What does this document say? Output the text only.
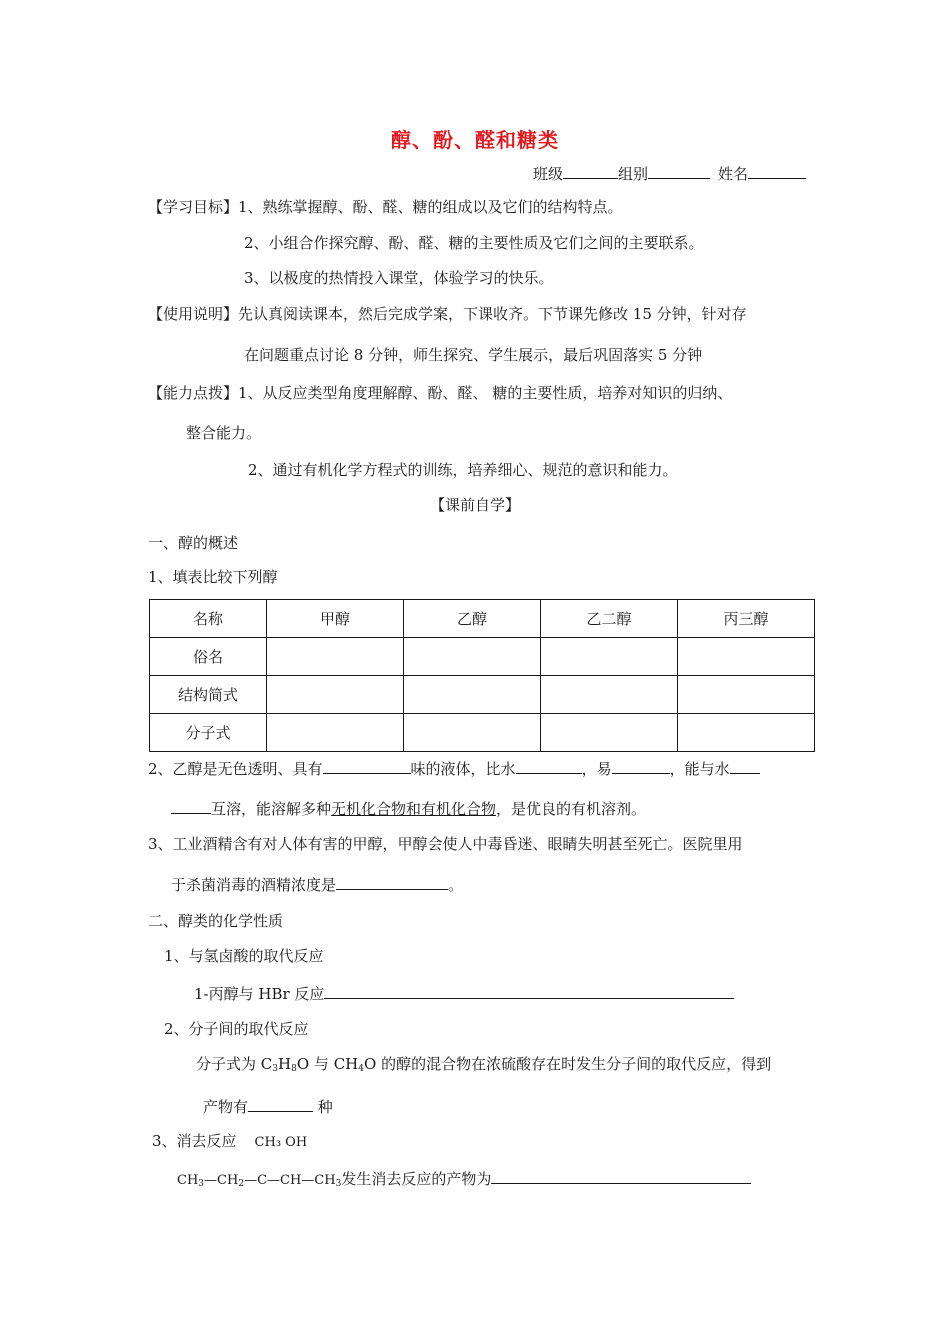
醇、酚、醛和糖类
班级	组别	姓名
【学习目标】1、熟练掌握醇、酚、醛、糖的组成以及它们的结构特点。
2、小组合作探究醇、酚、醛、糖的主要性质及它们之间的主要联系。
3、以极度的热情投入课堂，体验学习的快乐。
【使用说明】先认真阅读课本，然后完成学案，下课收齐。下节课先修改 15 分钟，针对存
在问题重点讨论 8 分钟，师生探究、学生展示，最后巩固落实 5 分钟
【能力点拨】1、从反应类型角度理解醇、酚、醛、 糖的主要性质，培养对知识的归纳、
整合能力。
2、通过有机化学方程式的训练，培养细心、规范的意识和能力。
【课前自学】
一、醇的概述
1、填表比较下列醇
名称	甲醇	乙醇	乙二醇	丙三醇
俗名				
结构简式				
分子式				
2、乙醇是无色透明、具有	味的液体，比水	，易	，能与水
互溶，能溶解多种无机化合物和有机化合物，是优良的有机溶剂。
3、工业酒精含有对人体有害的甲醇，甲醇会使人中毒昏迷、眼睛失明甚至死亡。医院里用
于杀菌消毒的酒精浓度是	。
二、醇类的化学性质
1、与氢卤酸的取代反应
1-丙醇与 HBr 反应
2、分子间的取代反应
分子式为 $C_3H_8O$ 与 $CH_4O$ 的醇的混合物在浓硫酸存在时发生分子间的取代反应，得到
产物有	种
3、消去反应 CH₃ OH
$CH_3—CH_2—C—CH—CH_3$发生消去反应的产物为
